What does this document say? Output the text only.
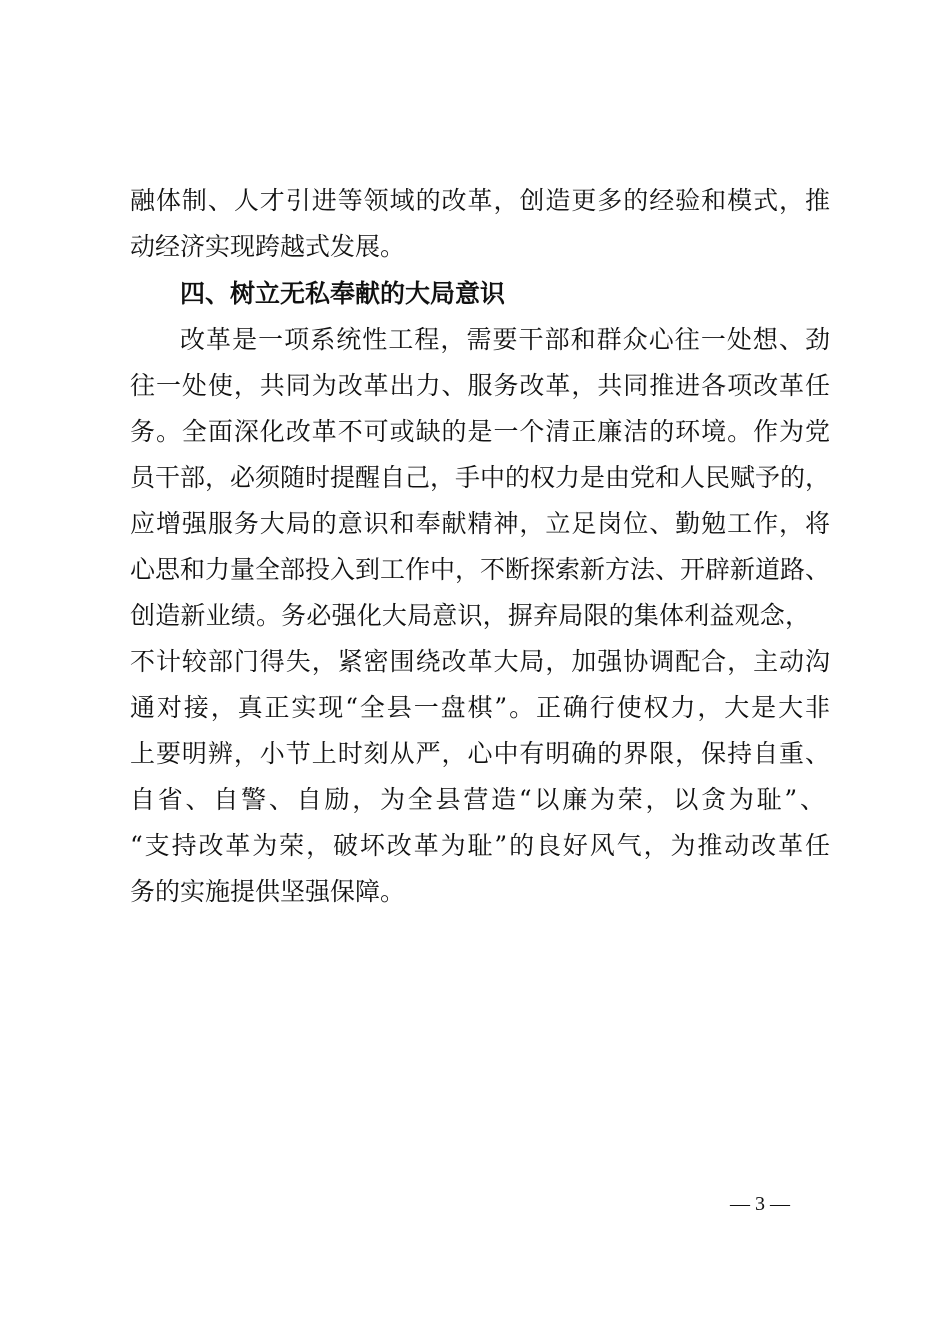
融体制、人才引进等领域的改革，创造更多的经验和模式，推
动经济实现跨越式发展。
四、树立无私奉献的大局意识
改革是一项系统性工程，需要干部和群众心往一处想、劲
往一处使，共同为改革出力、服务改革，共同推进各项改革任
务。全面深化改革不可或缺的是一个清正廉洁的环境。作为党
员干部，必须随时提醒自己，手中的权力是由党和人民赋予的，
应增强服务大局的意识和奉献精神，立足岗位、勤勉工作，将
心思和力量全部投入到工作中，不断探索新方法、开辟新道路、
创造新业绩。务必强化大局意识，摒弃局限的集体利益观念，
不计较部门得失，紧密围绕改革大局，加强协调配合，主动沟
通对接，真正实现“全县一盘棋”。正确行使权力，大是大非
上要明辨，小节上时刻从严，心中有明确的界限，保持自重、
自省、自警、自励，为全县营造“以廉为荣，以贪为耻”、
“支持改革为荣，破坏改革为耻”的良好风气，为推动改革任
务的实施提供坚强保障。
— 3 —
